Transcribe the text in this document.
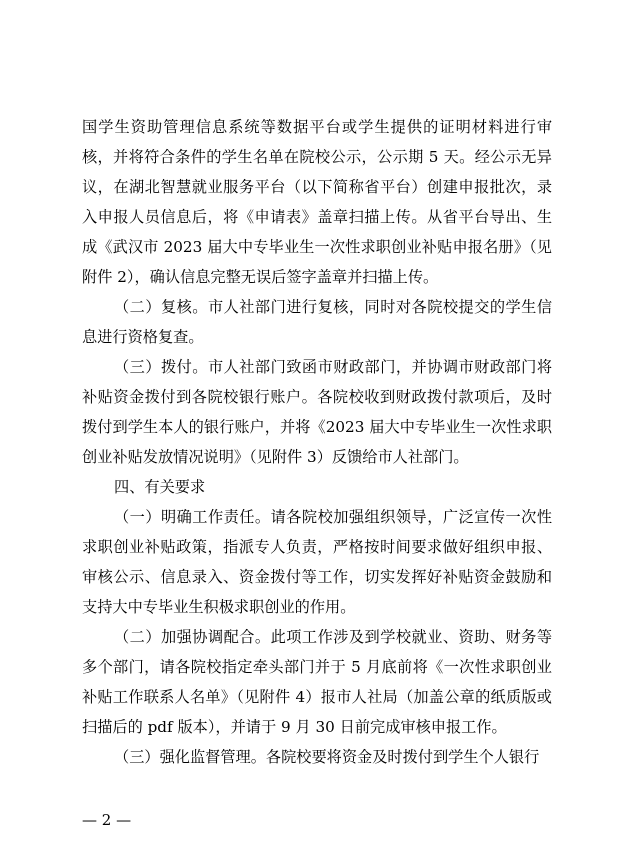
国学生资助管理信息系统等数据平台或学生提供的证明材料进行审核，并将符合条件的学生名单在院校公示，公示期 5 天。经公示无异议，在湖北智慧就业服务平台（以下简称省平台）创建申报批次，录入申报人员信息后，将《申请表》盖章扫描上传。从省平台导出、生成《武汉市 2023 届大中专毕业生一次性求职创业补贴申报名册》（见附件 2），确认信息完整无误后签字盖章并扫描上传。

（二）复核。市人社部门进行复核，同时对各院校提交的学生信息进行资格复查。

（三）拨付。市人社部门致函市财政部门，并协调市财政部门将补贴资金拨付到各院校银行账户。各院校收到财政拨付款项后，及时拨付到学生本人的银行账户，并将《2023 届大中专毕业生一次性求职创业补贴发放情况说明》（见附件 3）反馈给市人社部门。

四、有关要求

（一）明确工作责任。请各院校加强组织领导，广泛宣传一次性求职创业补贴政策，指派专人负责，严格按时间要求做好组织申报、审核公示、信息录入、资金拨付等工作，切实发挥好补贴资金鼓励和支持大中专毕业生积极求职创业的作用。

（二）加强协调配合。此项工作涉及到学校就业、资助、财务等多个部门，请各院校指定牵头部门并于 5 月底前将《一次性求职创业补贴工作联系人名单》（见附件 4）报市人社局（加盖公章的纸质版或扫描后的 pdf 版本），并请于 9 月 30 日前完成审核申报工作。

（三）强化监督管理。各院校要将资金及时拨付到学生个人银行

— 2 —
